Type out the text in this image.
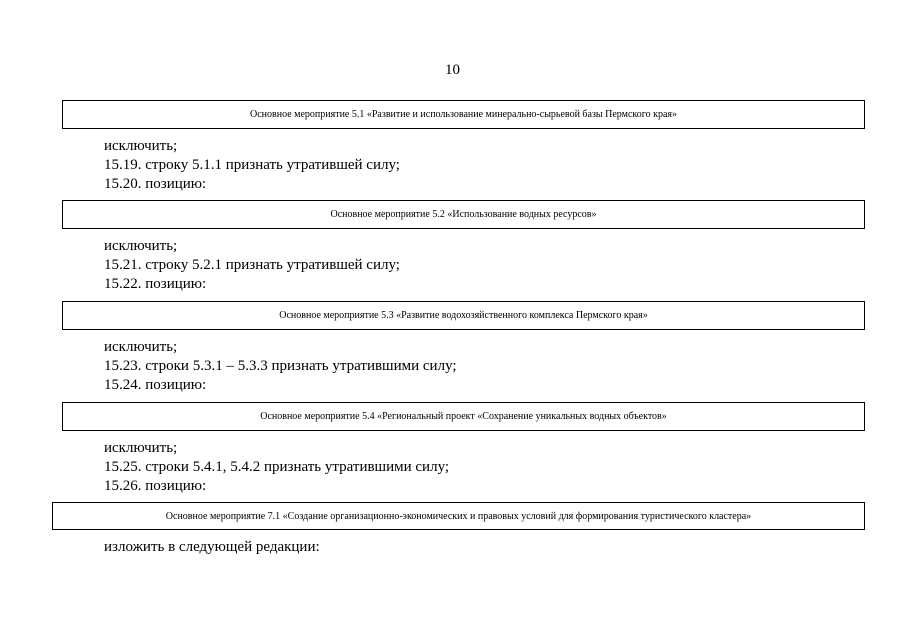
10
Основное мероприятие 5.1 «Развитие и использование минерально-сырьевой базы Пермского края»
исключить;
15.19. строку 5.1.1 признать утратившей силу;
15.20. позицию:
Основное мероприятие 5.2 «Использование водных ресурсов»
исключить;
15.21. строку 5.2.1 признать утратившей силу;
15.22. позицию:
Основное мероприятие 5.3 «Развитие водохозяйственного комплекса Пермского края»
исключить;
15.23. строки 5.3.1 – 5.3.3 признать утратившими силу;
15.24. позицию:
Основное мероприятие 5.4 «Региональный проект «Сохранение уникальных водных объектов»
исключить;
15.25. строки 5.4.1, 5.4.2 признать утратившими силу;
15.26. позицию:
Основное мероприятие 7.1 «Создание организационно-экономических и правовых условий для формирования туристического кластера»
изложить в следующей редакции:
